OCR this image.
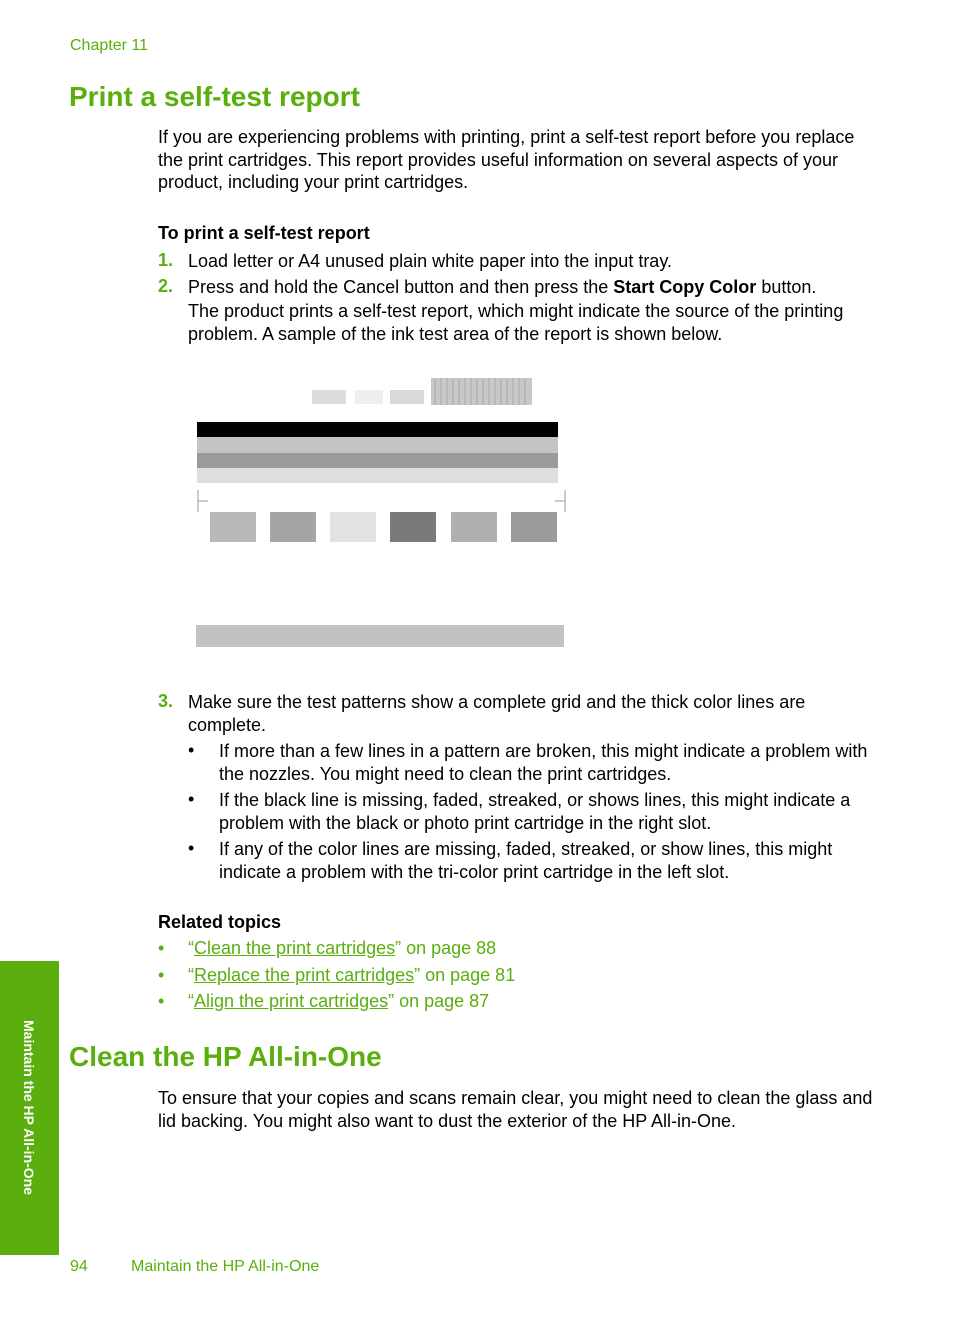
Chapter 11
Print a self-test report
If you are experiencing problems with printing, print a self-test report before you replace the print cartridges. This report provides useful information on several aspects of your product, including your print cartridges.
To print a self-test report
1. Load letter or A4 unused plain white paper into the input tray.
2. Press and hold the Cancel button and then press the Start Copy Color button.
The product prints a self-test report, which might indicate the source of the printing problem. A sample of the ink test area of the report is shown below.
3. Make sure the test patterns show a complete grid and the thick color lines are complete.
• If more than a few lines in a pattern are broken, this might indicate a problem with the nozzles. You might need to clean the print cartridges.
• If the black line is missing, faded, streaked, or shows lines, this might indicate a problem with the black or photo print cartridge in the right slot.
• If any of the color lines are missing, faded, streaked, or show lines, this might indicate a problem with the tri-color print cartridge in the left slot.
Related topics
• “Clean the print cartridges” on page 88
• “Replace the print cartridges” on page 81
• “Align the print cartridges” on page 87
Clean the HP All-in-One
To ensure that your copies and scans remain clear, you might need to clean the glass and lid backing. You might also want to dust the exterior of the HP All-in-One.
Maintain the HP All-in-One
94	Maintain the HP All-in-One
